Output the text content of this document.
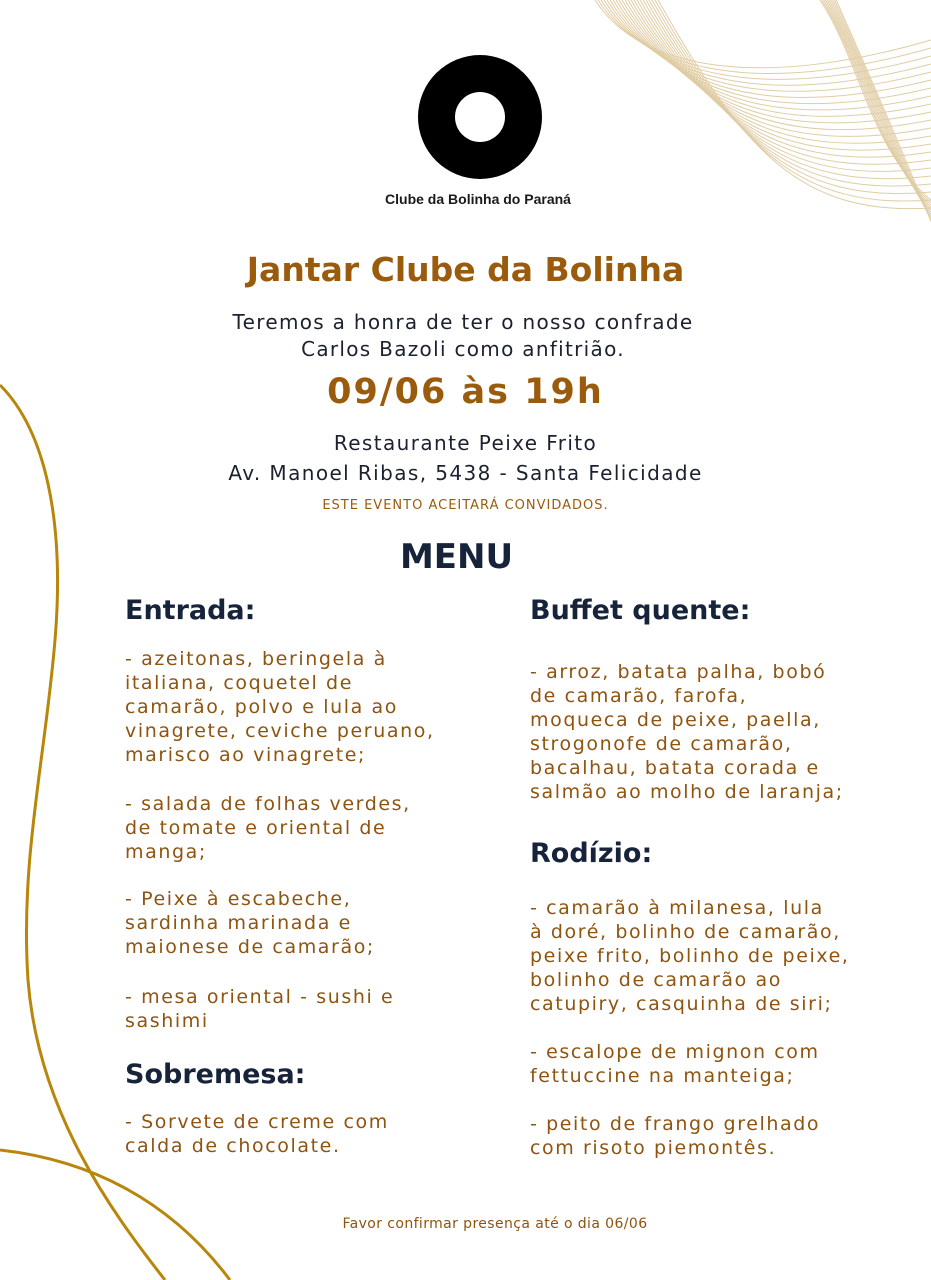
Clube da Bolinha do Paraná
Jantar Clube da Bolinha
Teremos a honra de ter o nosso confrade
Carlos Bazoli como anfitrião.
09/06 às 19h
Restaurante Peixe Frito
Av. Manoel Ribas, 5438 - Santa Felicidade
ESTE EVENTO ACEITARÁ CONVIDADOS.
MENU
Entrada:
- azeitonas, beringela à
italiana, coquetel de
camarão, polvo e lula ao
vinagrete, ceviche peruano,
marisco ao vinagrete;
- salada de folhas verdes,
de tomate e oriental de
manga;
- Peixe à escabeche,
sardinha marinada e
maionese de camarão;
- mesa oriental - sushi e
sashimi
Sobremesa:
- Sorvete de creme com
calda de chocolate.
Buffet quente:
- arroz, batata palha, bobó
de camarão, farofa,
moqueca de peixe, paella,
strogonofe de camarão,
bacalhau, batata corada e
salmão ao molho de laranja;
Rodízio:
- camarão à milanesa, lula
à doré, bolinho de camarão,
peixe frito, bolinho de peixe,
bolinho de camarão ao
catupiry, casquinha de siri;
- escalope de mignon com
fettuccine na manteiga;
- peito de frango grelhado
com risoto piemontês.
Favor confirmar presença até o dia 06/06
